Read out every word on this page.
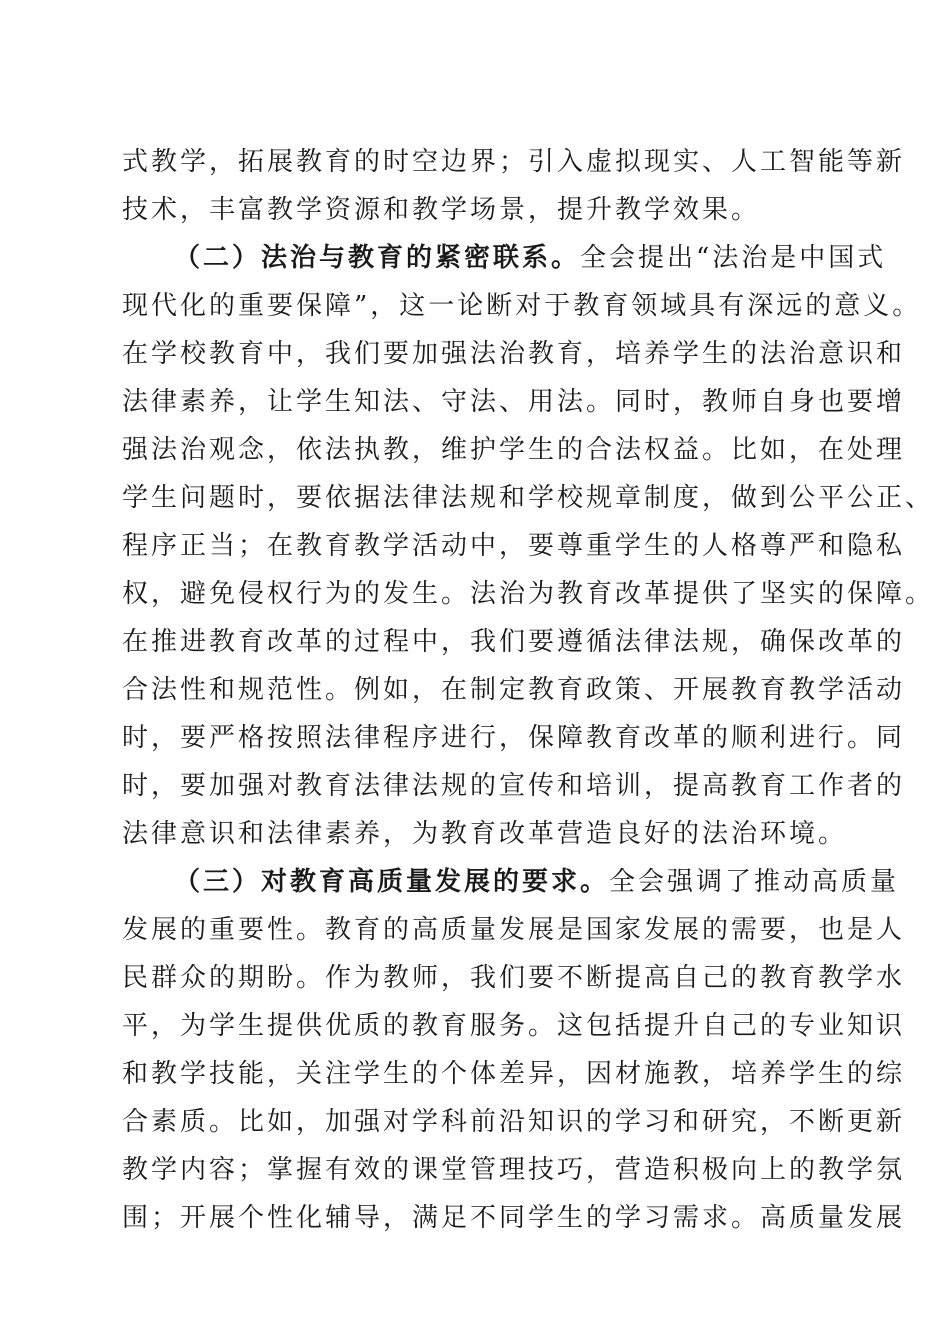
式教学，拓展教育的时空边界；引入虚拟现实、人工智能等新
技术，丰富教学资源和教学场景，提升教学效果。
（二）法治与教育的紧密联系。全会提出“法治是中国式
现代化的重要保障”，这一论断对于教育领域具有深远的意义。
在学校教育中，我们要加强法治教育，培养学生的法治意识和
法律素养，让学生知法、守法、用法。同时，教师自身也要增
强法治观念，依法执教，维护学生的合法权益。比如，在处理
学生问题时，要依据法律法规和学校规章制度，做到公平公正、
程序正当；在教育教学活动中，要尊重学生的人格尊严和隐私
权，避免侵权行为的发生。法治为教育改革提供了坚实的保障。
在推进教育改革的过程中，我们要遵循法律法规，确保改革的
合法性和规范性。例如，在制定教育政策、开展教育教学活动
时，要严格按照法律程序进行，保障教育改革的顺利进行。同
时，要加强对教育法律法规的宣传和培训，提高教育工作者的
法律意识和法律素养，为教育改革营造良好的法治环境。
（三）对教育高质量发展的要求。全会强调了推动高质量
发展的重要性。教育的高质量发展是国家发展的需要，也是人
民群众的期盼。作为教师，我们要不断提高自己的教育教学水
平，为学生提供优质的教育服务。这包括提升自己的专业知识
和教学技能，关注学生的个体差异，因材施教，培养学生的综
合素质。比如，加强对学科前沿知识的学习和研究，不断更新
教学内容；掌握有效的课堂管理技巧，营造积极向上的教学氛
围；开展个性化辅导，满足不同学生的学习需求。高质量发展
